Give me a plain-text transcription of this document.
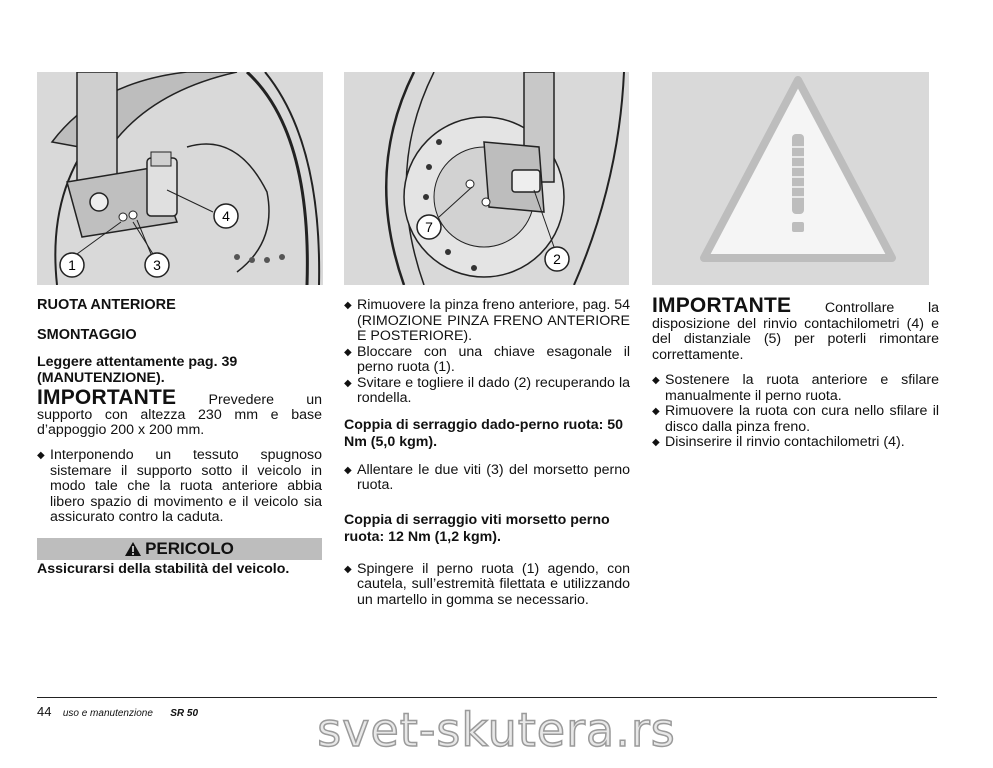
1	3
4
7
2
RUOTA ANTERIORE
SMONTAGGIO

Leggere attentamente pag. 39 (MANUTENZIONE).

IMPORTANTE Prevedere un supporto con altezza 230 mm e base d’appoggio 200 x 200 mm.

◆ Interponendo un tessuto spugnoso sistemare il supporto sotto il veicolo in modo tale che la ruota anteriore abbia libero spazio di movimento e il veicolo sia assicurato contro la caduta.
PERICOLO

Assicurarsi della stabilità del veicolo.

◆ Rimuovere la pinza freno anteriore, pag. 54 (RIMOZIONE PINZA FRENO ANTERIORE E POSTERIORE).
◆ Bloccare con una chiave esagonale il perno ruota (1).
◆ Svitare e togliere il dado (2) recuperando la rondella.

Coppia di serraggio dado-perno ruota: 50 Nm (5,0 kgm).

◆ Allentare le due viti (3) del morsetto perno ruota.

Coppia di serraggio viti morsetto perno ruota: 12 Nm (1,2 kgm).

◆ Spingere il perno ruota (1) agendo, con cautela, sull’estremità filettata e utilizzando un martello in gomma se necessario.

IMPORTANTE Controllare la disposizione del rinvio contachilometri (4) e del distanziale (5) per poterli rimontare correttamente.

◆ Sostenere la ruota anteriore e sfilare manualmente il perno ruota.
◆ Rimuovere la ruota con cura nello sfilare il disco dalla pinza freno.
◆ Disinserire il rinvio contachilometri (4).
44 uso e manutenzione SR 50	svet-skutera.rs
